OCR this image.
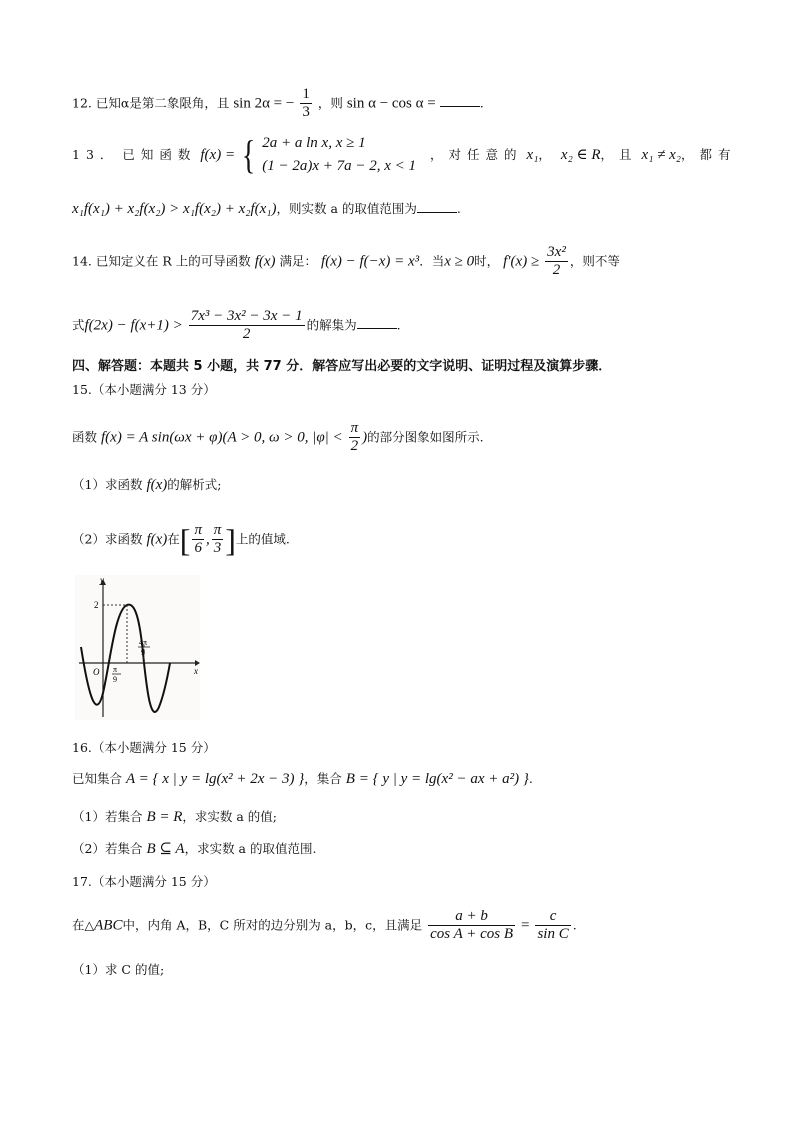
12. 已知α是第二象限角，且 sin 2α = − $\frac{1}{3}$ ，则 sin α − cos α =	.
13． 已知函数 f(x) = { 2a + a ln x, x ≥ 1
(1 − 2a)x + 7a − 2, x < 1
，对任意的 x₁， x₂ ∈ R，且 x₁ ≠ x₂，都有
x₁f(x₁) + x₂f(x₂) > x₁f(x₂) + x₂f(x₁)，则实数 a 的取值范围为	.
14. 已知定义在 R 上的可导函数 f(x) 满足： f(x) − f(−x) = x³．当x ≥ 0时， $f'(x) \ge \frac{\text{3x²}}{2}$ ，则不等
式$f(2x) - f(x+1) > \frac{\text{7x³ − 3x² − 3x − 1}}{2}$ 的解集为	.
四、解答题：本题共 5 小题，共 77 分．解答应写出必要的文字说明、证明过程及演算步骤．
15.（本小题满分 13 分）
函数 f(x) = A sin(ωx + φ)(A > 0, ω > 0, $|\varphi| < \frac{\pi}{2}$ )的部分图象如图所示.
（1）求函数 f(x)的解析式;
（2）求函数 f(x)在[ $\frac{\pi}{6}$ , $\frac{\pi}{3}$ ]上的值域.
y
x
O
2
π
9
4π
9
16.（本小题满分 15 分）
已知集合 A = { x | y = lg(x² + 2x − 3) }，集合 B = { y | y = lg(x² − ax + a²) }.
（1）若集合 B = R，求实数 a 的值;
（2）若集合 B ⊆ A，求实数 a 的取值范围.
17.（本小题满分 15 分）
在△ABC中，内角 A，B，C 所对的边分别为 a，b，c，且满足 $\frac{a + b}{\text{cos A + cos B}} = \frac{c}{\text{sin C}}$ .
（1）求 C 的值;
